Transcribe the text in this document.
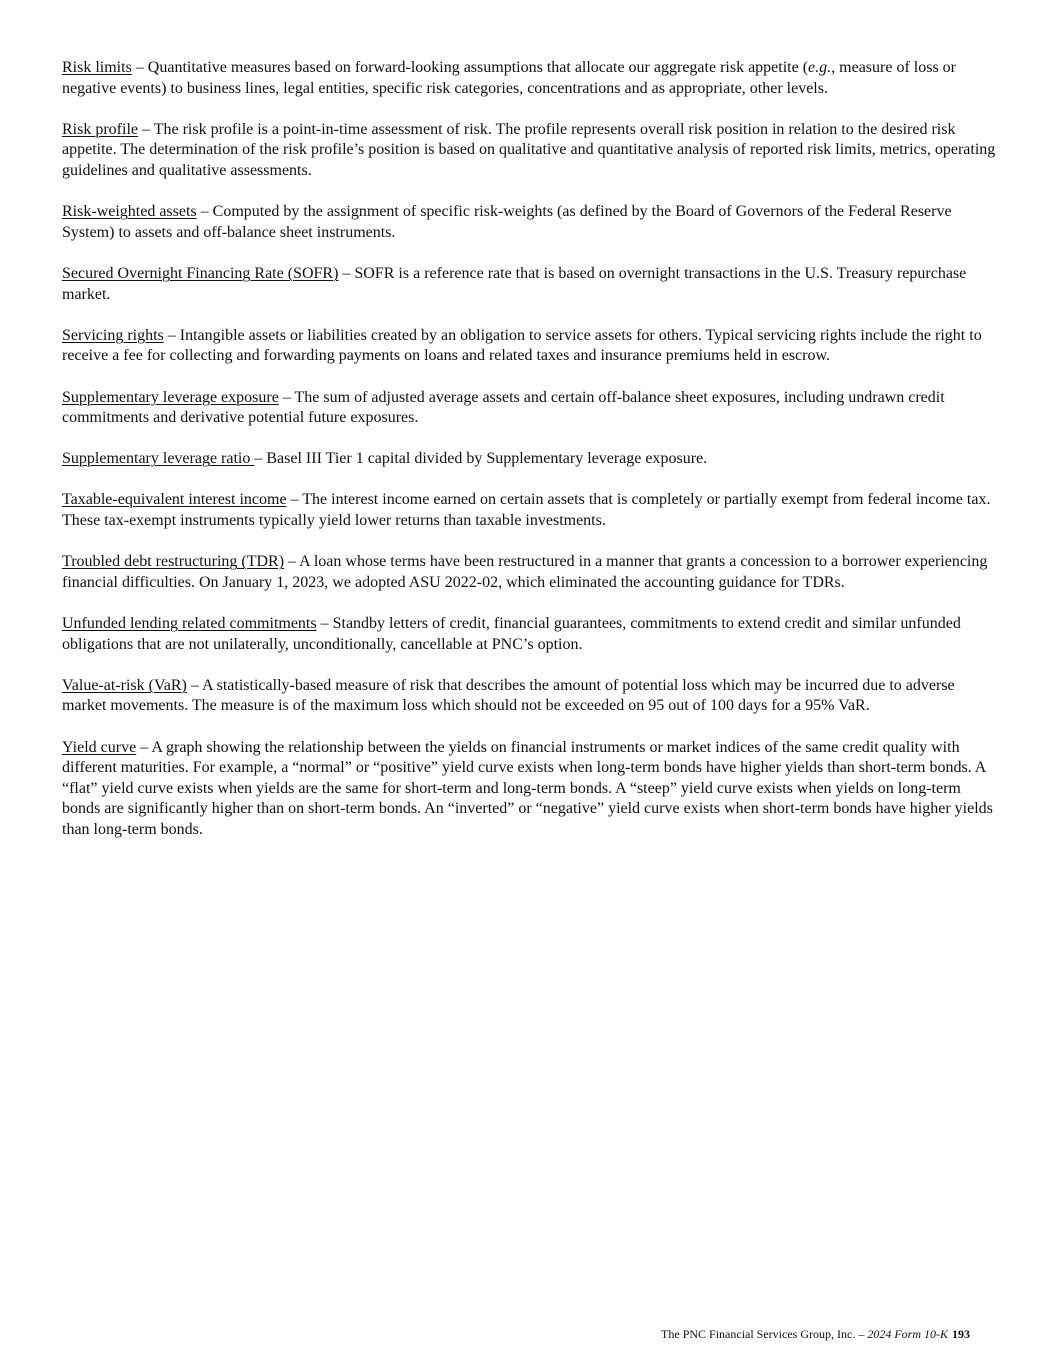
Risk limits – Quantitative measures based on forward-looking assumptions that allocate our aggregate risk appetite (e.g., measure of loss or negative events) to business lines, legal entities, specific risk categories, concentrations and as appropriate, other levels.

Risk profile – The risk profile is a point-in-time assessment of risk. The profile represents overall risk position in relation to the desired risk appetite. The determination of the risk profile’s position is based on qualitative and quantitative analysis of reported risk limits, metrics, operating guidelines and qualitative assessments.

Risk-weighted assets – Computed by the assignment of specific risk-weights (as defined by the Board of Governors of the Federal Reserve System) to assets and off-balance sheet instruments.

Secured Overnight Financing Rate (SOFR) – SOFR is a reference rate that is based on overnight transactions in the U.S. Treasury repurchase market.

Servicing rights – Intangible assets or liabilities created by an obligation to service assets for others. Typical servicing rights include the right to receive a fee for collecting and forwarding payments on loans and related taxes and insurance premiums held in escrow.

Supplementary leverage exposure – The sum of adjusted average assets and certain off-balance sheet exposures, including undrawn credit commitments and derivative potential future exposures.

Supplementary leverage ratio – Basel III Tier 1 capital divided by Supplementary leverage exposure.

Taxable-equivalent interest income – The interest income earned on certain assets that is completely or partially exempt from federal income tax. These tax-exempt instruments typically yield lower returns than taxable investments.

Troubled debt restructuring (TDR) – A loan whose terms have been restructured in a manner that grants a concession to a borrower experiencing financial difficulties. On January 1, 2023, we adopted ASU 2022-02, which eliminated the accounting guidance for TDRs.

Unfunded lending related commitments – Standby letters of credit, financial guarantees, commitments to extend credit and similar unfunded obligations that are not unilaterally, unconditionally, cancellable at PNC’s option.

Value-at-risk (VaR) – A statistically-based measure of risk that describes the amount of potential loss which may be incurred due to adverse market movements. The measure is of the maximum loss which should not be exceeded on 95 out of 100 days for a 95% VaR.

Yield curve – A graph showing the relationship between the yields on financial instruments or market indices of the same credit quality with different maturities. For example, a “normal” or “positive” yield curve exists when long-term bonds have higher yields than short-term bonds. A “flat” yield curve exists when yields are the same for short-term and long-term bonds. A “steep” yield curve exists when yields on long-term bonds are significantly higher than on short-term bonds. An “inverted” or “negative” yield curve exists when short-term bonds have higher yields than long-term bonds.

The PNC Financial Services Group, Inc. – 2024 Form 10-K 193
